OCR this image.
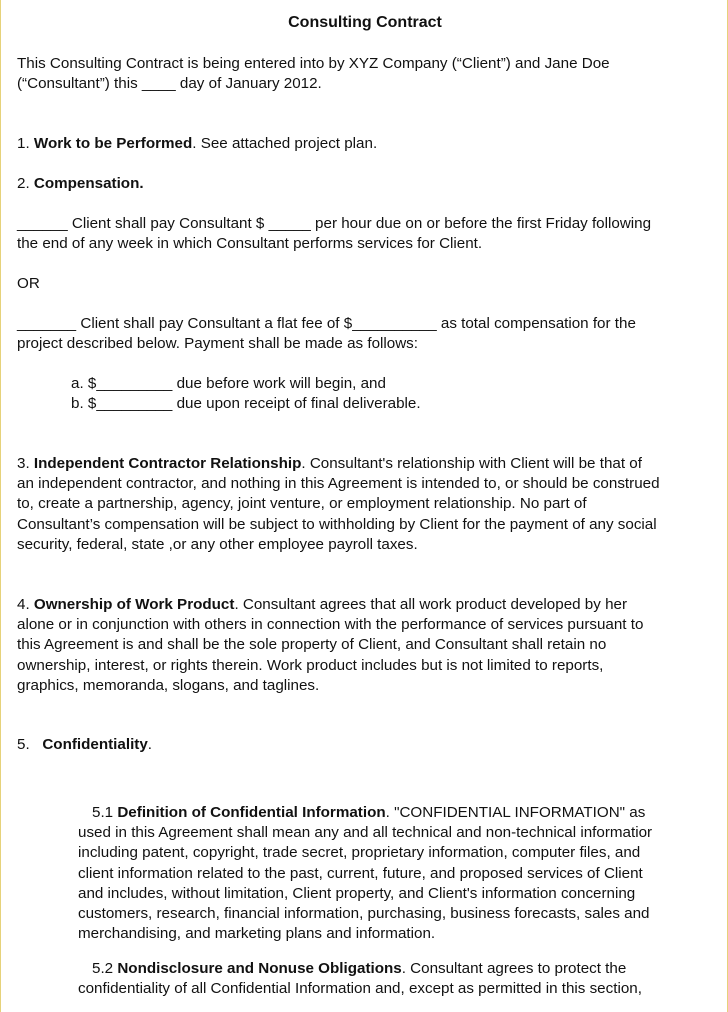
Consulting Contract
This Consulting Contract is being entered into by XYZ Company (“Client”) and Jane Doe
(“Consultant”) this ____ day of January 2012.
1. Work to be Performed. See attached project plan.
2. Compensation.
______ Client shall pay Consultant $ _____ per hour due on or before the first Friday following
the end of any week in which Consultant performs services for Client.
OR
_______ Client shall pay Consultant a flat fee of $__________ as total compensation for the
project described below. Payment shall be made as follows:
a. $_________ due before work will begin, and
b. $_________ due upon receipt of final deliverable.
3. Independent Contractor Relationship. Consultant's relationship with Client will be that of
an independent contractor, and nothing in this Agreement is intended to, or should be construed
to, create a partnership, agency, joint venture, or employment relationship. No part of
Consultant’s compensation will be subject to withholding by Client for the payment of any social
security, federal, state ,or any other employee payroll taxes.
4. Ownership of Work Product. Consultant agrees that all work product developed by her
alone or in conjunction with others in connection with the performance of services pursuant to
this Agreement is and shall be the sole property of Client, and Consultant shall retain no
ownership, interest, or rights therein. Work product includes but is not limited to reports,
graphics, memoranda, slogans, and taglines.
5.   Confidentiality.
5.1 Definition of Confidential Information. "CONFIDENTIAL INFORMATION" as
used in this Agreement shall mean any and all technical and non-technical informatior
including patent, copyright, trade secret, proprietary information, computer files, and
client information related to the past, current, future, and proposed services of Client
and includes, without limitation, Client property, and Client's information concerning
customers, research, financial information, purchasing, business forecasts, sales and
merchandising, and marketing plans and information.
5.2 Nondisclosure and Nonuse Obligations. Consultant agrees to protect the
confidentiality of all Confidential Information and, except as permitted in this section,
